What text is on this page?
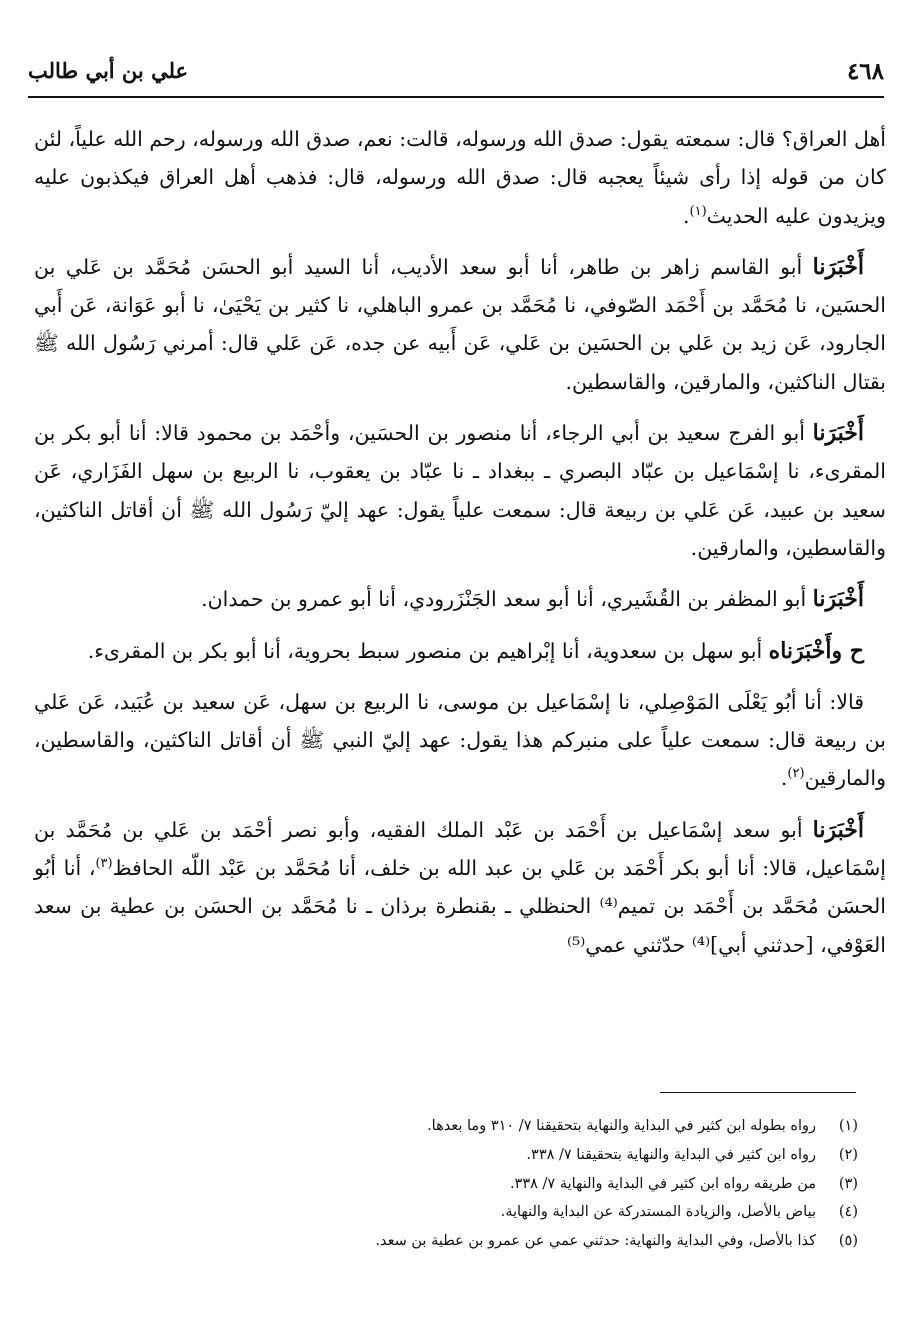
٤٦٨
علي بن أبي طالب

أهل العراق؟ قال: سمعته يقول: صدق الله ورسوله، قالت: نعم، صدق الله ورسوله، رحم الله علياً، لئن كان من قوله إذا رأى شيئاً يعجبه قال: صدق الله ورسوله، قال: فذهب أهل العراق فيكذبون عليه ويزيدون عليه الحديث$^{(١)}$.

أَخْبَرَنا أبو القاسم زاهر بن طاهر، أنا أبو سعد الأديب، أنا السيد أبو الحسَن مُحَمَّد بن عَلي بن الحسَين، نا مُحَمَّد بن أَحْمَد الصّوفي، نا مُحَمَّد بن عمرو الباهلي، نا كثير بن يَحْيَىٰ، نا أبو عَوَانة، عَن أَبي الجارود، عَن زيد بن عَلي بن الحسَين بن عَلي، عَن أَبيه عن جده، عَن عَلي قال: أمرني رَسُول الله ﷺ بقتال الناكثين، والمارقين، والقاسطين.

أَخْبَرَنا أبو الفرج سعيد بن أبي الرجاء، أنا منصور بن الحسَين، وأحْمَد بن محمود قالا: أنا أبو بكر بن المقرىء، نا إسْمَاعيل بن عبّاد البصري ـ ببغداد ـ نا عبّاد بن يعقوب، نا الربيع بن سهل الفَزَاري، عَن سعيد بن عبيد، عَن عَلي بن ربيعة قال: سمعت علياً يقول: عهد إليّ رَسُول الله ﷺ أن أقاتل الناكثين، والقاسطين، والمارقين.

أَخْبَرَنا أبو المظفر بن القُشَيري، أنا أبو سعد الجَنْزَرودي، أنا أبو عمرو بن حمدان.

ح وأَخْبَرَناه أبو سهل بن سعدوية، أنا إبْراهيم بن منصور سبط بحروية، أنا أبو بكر بن المقرىء.

قالا: أنا أبُو يَعْلَى المَوْصِلي، نا إسْمَاعيل بن موسى، نا الربيع بن سهل، عَن سعيد بن عُبَيد، عَن عَلي بن ربيعة قال: سمعت علياً على منبركم هذا يقول: عهد إليّ النبي ﷺ أن أقاتل الناكثين، والقاسطين، والمارقين$^{(٢)}$.

أَخْبَرَنا أبو سعد إسْمَاعيل بن أَحْمَد بن عَبْد الملك الفقيه، وأبو نصر أحْمَد بن عَلي بن مُحَمَّد بن إسْمَاعيل، قالا: أنا أبو بكر أَحْمَد بن عَلي بن عبد الله بن خلف، أنا مُحَمَّد بن عَبْد اللّه الحافظ$^{(٣)}$، أنا أبُو الحسَن مُحَمَّد بن أَحْمَد بن تميم⁽⁴⁾ الحنظلي ـ بقنطرة برذان ـ نا مُحَمَّد بن الحسَن بن عطية بن سعد العَوْفي، [حدثني أبي]⁽⁴⁾ حدّثني عمي⁽⁵⁾

(١)
رواه بطوله ابن كثير في البداية والنهاية بتحقيقنا ٧/ ٣١٠ وما بعدها.
(٢)
رواه ابن كثير في البداية والنهاية بتحقيقنا ٧/ ٣٣٨.
(٣)
من طريقه رواه ابن كثير في البداية والنهاية ٧/ ٣٣٨.
(٤)
بياض بالأصل، والزيادة المستدركة عن البداية والنهاية.
(٥)
كذا بالأصل، وفي البداية والنهاية: حدثني عمي عن عمرو بن عطية بن سعد.
